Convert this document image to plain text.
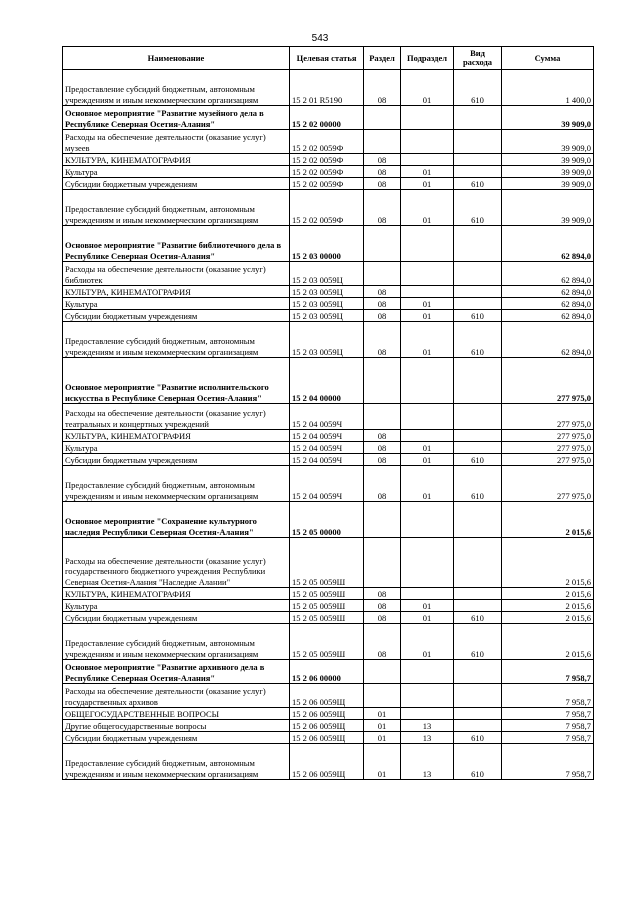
543
Наименование	Целевая статья	Раздел	Подраздел	Вид расхода	Сумма
Предоставление субсидий бюджетным, автономным учреждениям и иным некоммерческим организациям	15 2 01 R5190	08	01	610	1 400,0
Основное мероприятие "Развитие музейного дела в Республике Северная Осетия-Алания"	15 2 02 00000				39 909,0
Расходы на обеспечение деятельности (оказание услуг) музеев	15 2 02 0059Ф				39 909,0
КУЛЬТУРА, КИНЕМАТОГРАФИЯ	15 2 02 0059Ф	08			39 909,0
Культура	15 2 02 0059Ф	08	01		39 909,0
Субсидии бюджетным учреждениям	15 2 02 0059Ф	08	01	610	39 909,0
Предоставление субсидий бюджетным, автономным учреждениям и иным некоммерческим организациям	15 2 02 0059Ф	08	01	610	39 909,0
Основное мероприятие "Развитие библиотечного дела в Республике Северная Осетия-Алания"	15 2 03 00000				62 894,0
Расходы на обеспечение деятельности (оказание услуг) библиотек	15 2 03 0059Ц				62 894,0
КУЛЬТУРА, КИНЕМАТОГРАФИЯ	15 2 03 0059Ц	08			62 894,0
Культура	15 2 03 0059Ц	08	01		62 894,0
Субсидии бюджетным учреждениям	15 2 03 0059Ц	08	01	610	62 894,0
Предоставление субсидий бюджетным, автономным учреждениям и иным некоммерческим организациям	15 2 03 0059Ц	08	01	610	62 894,0
Основное мероприятие "Развитие исполнительского искусства в Республике Северная Осетия-Алания"	15 2 04 00000				277 975,0
Расходы на обеспечение деятельности (оказание услуг) театральных и концертных учреждений	15 2 04 0059Ч				277 975,0
КУЛЬТУРА, КИНЕМАТОГРАФИЯ	15 2 04 0059Ч	08			277 975,0
Культура	15 2 04 0059Ч	08	01		277 975,0
Субсидии бюджетным учреждениям	15 2 04 0059Ч	08	01	610	277 975,0
Предоставление субсидий бюджетным, автономным учреждениям и иным некоммерческим организациям	15 2 04 0059Ч	08	01	610	277 975,0
Основное мероприятие "Сохранение культурного наследия Республики Северная Осетия-Алания"	15 2 05 00000				2 015,6
Расходы на обеспечение деятельности (оказание услуг) государственного бюджетного учреждения Республики Северная Осетия-Алания "Наследие Алании"	15 2 05 0059Ш				2 015,6
КУЛЬТУРА, КИНЕМАТОГРАФИЯ	15 2 05 0059Ш	08			2 015,6
Культура	15 2 05 0059Ш	08	01		2 015,6
Субсидии бюджетным учреждениям	15 2 05 0059Ш	08	01	610	2 015,6
Предоставление субсидий бюджетным, автономным учреждениям и иным некоммерческим организациям	15 2 05 0059Ш	08	01	610	2 015,6
Основное мероприятие "Развитие архивного дела в Республике Северная Осетия-Алания"	15 2 06 00000				7 958,7
Расходы на обеспечение деятельности (оказание услуг) государственных архивов	15 2 06 0059Щ				7 958,7
ОБЩЕГОСУДАРСТВЕННЫЕ ВОПРОСЫ	15 2 06 0059Щ	01			7 958,7
Другие общегосударственные вопросы	15 2 06 0059Щ	01	13		7 958,7
Субсидии бюджетным учреждениям	15 2 06 0059Щ	01	13	610	7 958,7
Предоставление субсидий бюджетным, автономным учреждениям и иным некоммерческим организациям	15 2 06 0059Щ	01	13	610	7 958,7
